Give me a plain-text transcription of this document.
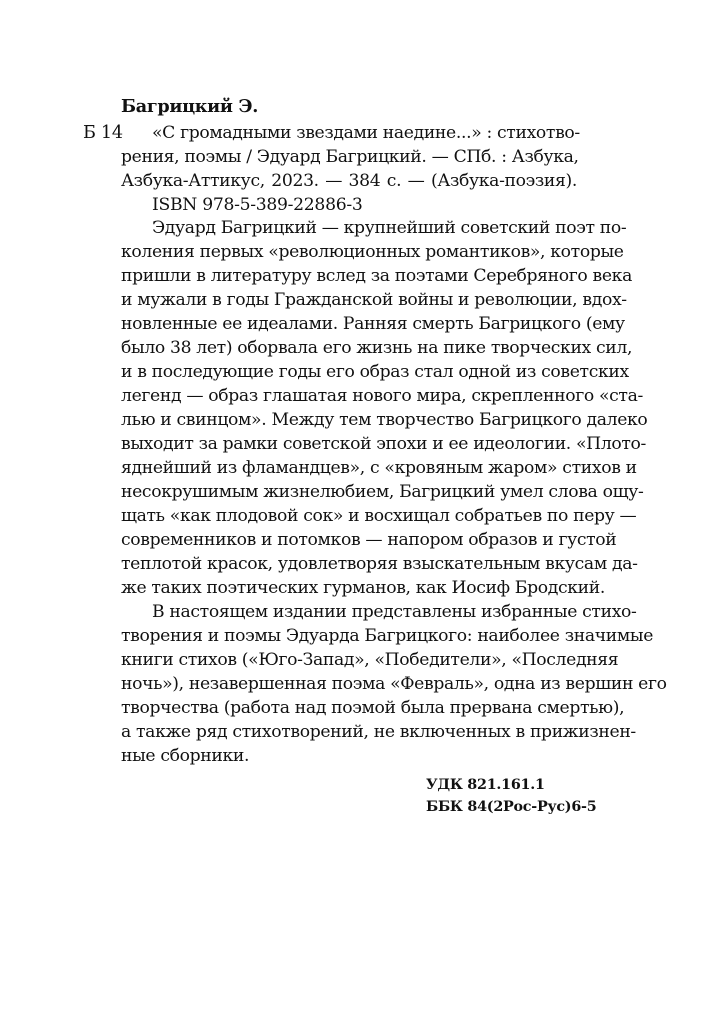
Багрицкий Э.
Б 14 «С громадными звездами наедине...» : стихотво-
рения, поэмы / Эдуард Багрицкий. — СПб. : Азбука,
Азбука-Аттикус, 2023. — 384 с. — (Азбука-поэзия).
ISBN 978-5-389-22886-3
Эдуард Багрицкий — крупнейший советский поэт по-
коления первых «революционных романтиков», которые
пришли в литературу вслед за поэтами Серебряного века
и мужали в годы Гражданской войны и революции, вдох-
новленные ее идеалами. Ранняя смерть Багрицкого (ему
было 38 лет) оборвала его жизнь на пике творческих сил,
и в последующие годы его образ стал одной из советских
легенд — образ глашатая нового мира, скрепленного «ста-
лью и свинцом». Между тем творчество Багрицкого далеко
выходит за рамки советской эпохи и ее идеологии. «Плото-
яднейший из фламандцев», с «кровяным жаром» стихов и
несокрушимым жизнелюбием, Багрицкий умел слова ощу-
щать «как плодовой сок» и восхищал собратьев по перу —
современников и потомков — напором образов и густой
теплотой красок, удовлетворяя взыскательным вкусам да-
же таких поэтических гурманов, как Иосиф Бродский.
В настоящем издании представлены избранные стихо-
творения и поэмы Эдуарда Багрицкого: наиболее значимые
книги стихов («Юго-Запад», «Победители», «Последняя
ночь»), незавершенная поэма «Февраль», одна из вершин его
творчества (работа над поэмой была прервана смертью),
а также ряд стихотворений, не включенных в прижизнен-
ные сборники.
УДК 821.161.1
ББК 84(2Рос-Рус)6-5
